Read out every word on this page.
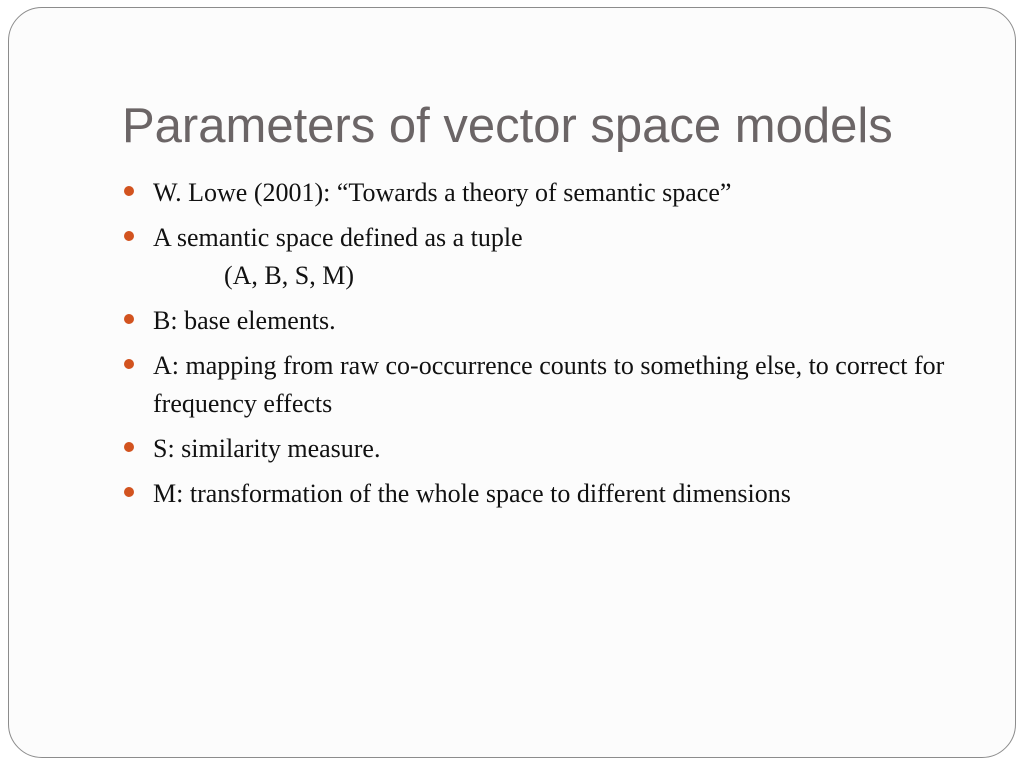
Parameters of vector space models
W. Lowe (2001): “Towards a theory of semantic space”
A semantic space defined as a tuple
(A, B, S, M)
B: base elements.
A: mapping from raw co-occurrence counts to something else, to correct for frequency effects
S: similarity measure.
M: transformation of the whole space to different dimensions
